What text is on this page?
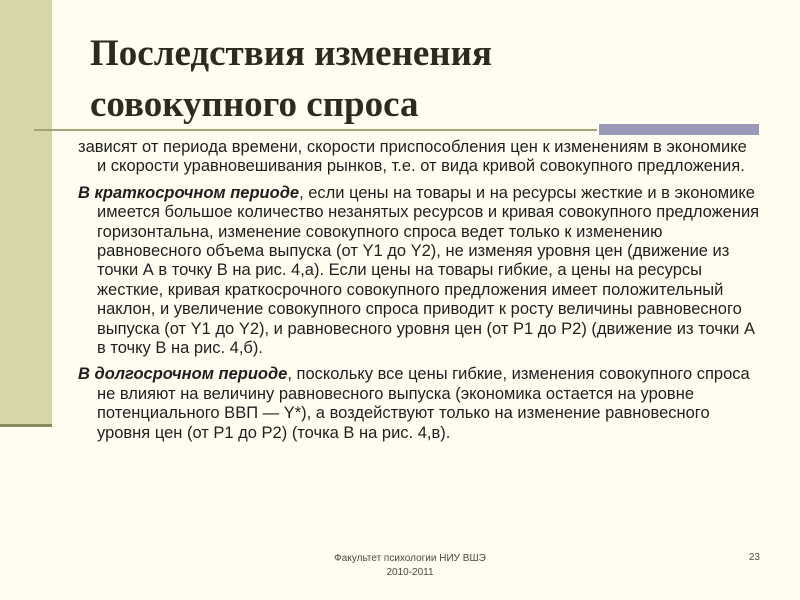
Последствия изменения
совокупного спроса

зависят от периода времени, скорости приспособления цен к изменениям в экономике и скорости уравновешивания рынков, т.е. от вида кривой совокупного предложения.

В краткосрочном периоде, если цены на товары и на ресурсы жесткие и в экономике имеется большое количество незанятых ресурсов и кривая совокупного предложения горизонтальна, изменение совокупного спроса ведет только к изменению равновесного объема выпуска (от Y1 до Y2), не изменяя уровня цен (движение из точки А в точку В на рис. 4,а). Если цены на товары гибкие, а цены на ресурсы жесткие, кривая краткосрочного совокупного предложения имеет положительный наклон, и увеличение совокупного спроса приводит к росту величины равновесного выпуска (от Y1 до Y2), и равновесного уровня цен (от Р1 до Р2) (движение из точки А в точку В на рис. 4,б).

В долгосрочном периоде, поскольку все цены гибкие, изменения совокупного спроса не влияют на величину равновесного выпуска (экономика остается на уровне потенциального ВВП — Y*), а воздействуют только на изменение равновесного уровня цен (от Р1 до Р2) (точка В на рис. 4,в).

Факультет психологии НИУ ВШЭ
2010-2011
23
